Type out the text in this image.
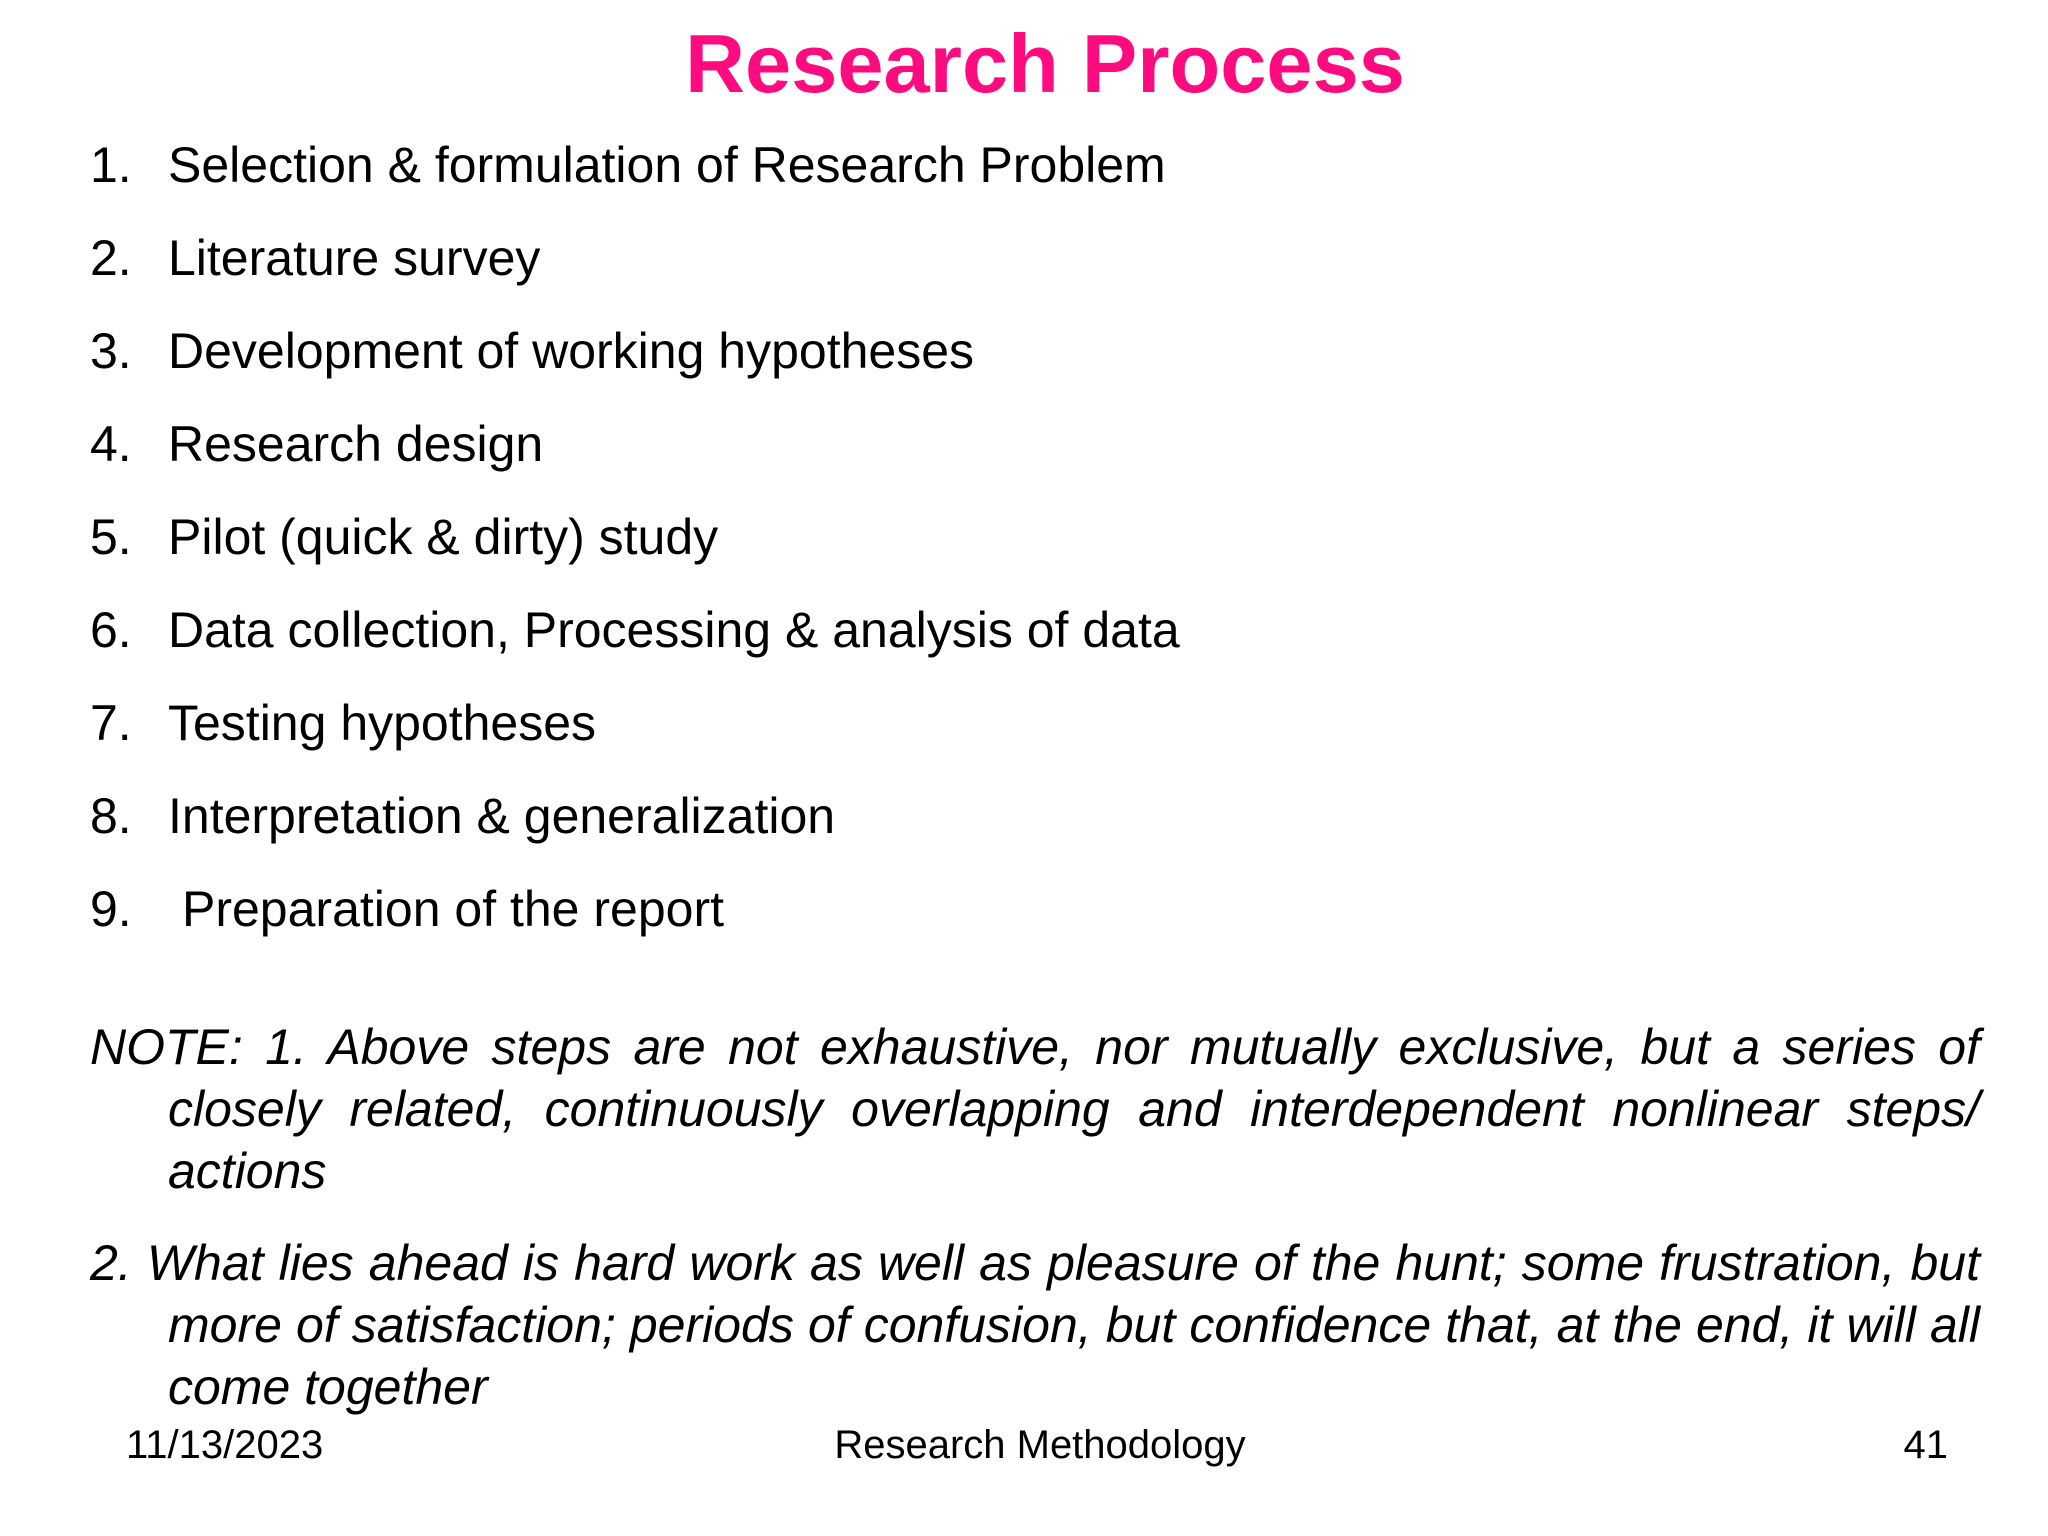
Research Process
1. Selection & formulation of Research Problem
2. Literature survey
3. Development of working hypotheses
4. Research design
5. Pilot (quick & dirty) study
6. Data collection, Processing & analysis of data
7. Testing hypotheses
8. Interpretation & generalization
9. Preparation of the report

NOTE: 1. Above steps are not exhaustive, nor mutually exclusive, but a series of closely related, continuously overlapping and interdependent nonlinear steps/ actions

2. What lies ahead is hard work as well as pleasure of the hunt; some frustration, but more of satisfaction; periods of confusion, but confidence that, at the end, it will all come together

11/13/2023	Research Methodology	41
